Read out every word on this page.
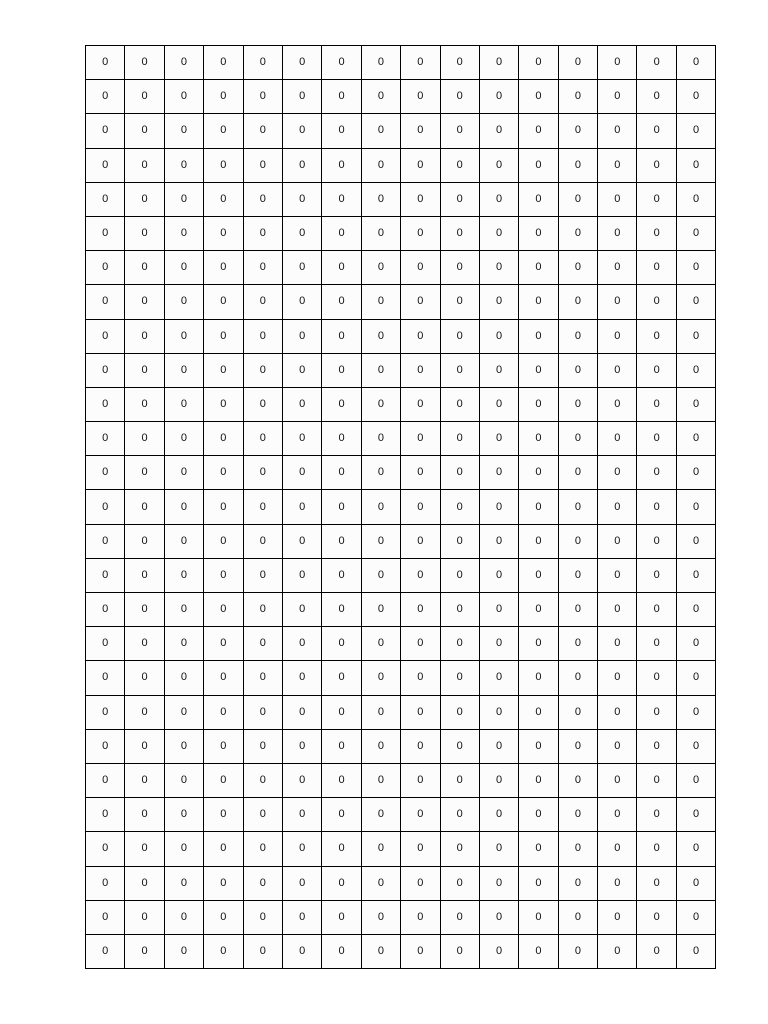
0	0	0	0	0	0	0	0	0	0	0	0	0	0	0	0
0	0	0	0	0	0	0	0	0	0	0	0	0	0	0	0
0	0	0	0	0	0	0	0	0	0	0	0	0	0	0	0
0	0	0	0	0	0	0	0	0	0	0	0	0	0	0	0
0	0	0	0	0	0	0	0	0	0	0	0	0	0	0	0
0	0	0	0	0	0	0	0	0	0	0	0	0	0	0	0
0	0	0	0	0	0	0	0	0	0	0	0	0	0	0	0
0	0	0	0	0	0	0	0	0	0	0	0	0	0	0	0
0	0	0	0	0	0	0	0	0	0	0	0	0	0	0	0
0	0	0	0	0	0	0	0	0	0	0	0	0	0	0	0
0	0	0	0	0	0	0	0	0	0	0	0	0	0	0	0
0	0	0	0	0	0	0	0	0	0	0	0	0	0	0	0
0	0	0	0	0	0	0	0	0	0	0	0	0	0	0	0
0	0	0	0	0	0	0	0	0	0	0	0	0	0	0	0
0	0	0	0	0	0	0	0	0	0	0	0	0	0	0	0
0	0	0	0	0	0	0	0	0	0	0	0	0	0	0	0
0	0	0	0	0	0	0	0	0	0	0	0	0	0	0	0
0	0	0	0	0	0	0	0	0	0	0	0	0	0	0	0
0	0	0	0	0	0	0	0	0	0	0	0	0	0	0	0
0	0	0	0	0	0	0	0	0	0	0	0	0	0	0	0
0	0	0	0	0	0	0	0	0	0	0	0	0	0	0	0
0	0	0	0	0	0	0	0	0	0	0	0	0	0	0	0
0	0	0	0	0	0	0	0	0	0	0	0	0	0	0	0
0	0	0	0	0	0	0	0	0	0	0	0	0	0	0	0
0	0	0	0	0	0	0	0	0	0	0	0	0	0	0	0
0	0	0	0	0	0	0	0	0	0	0	0	0	0	0	0
0	0	0	0	0	0	0	0	0	0	0	0	0	0	0	0
